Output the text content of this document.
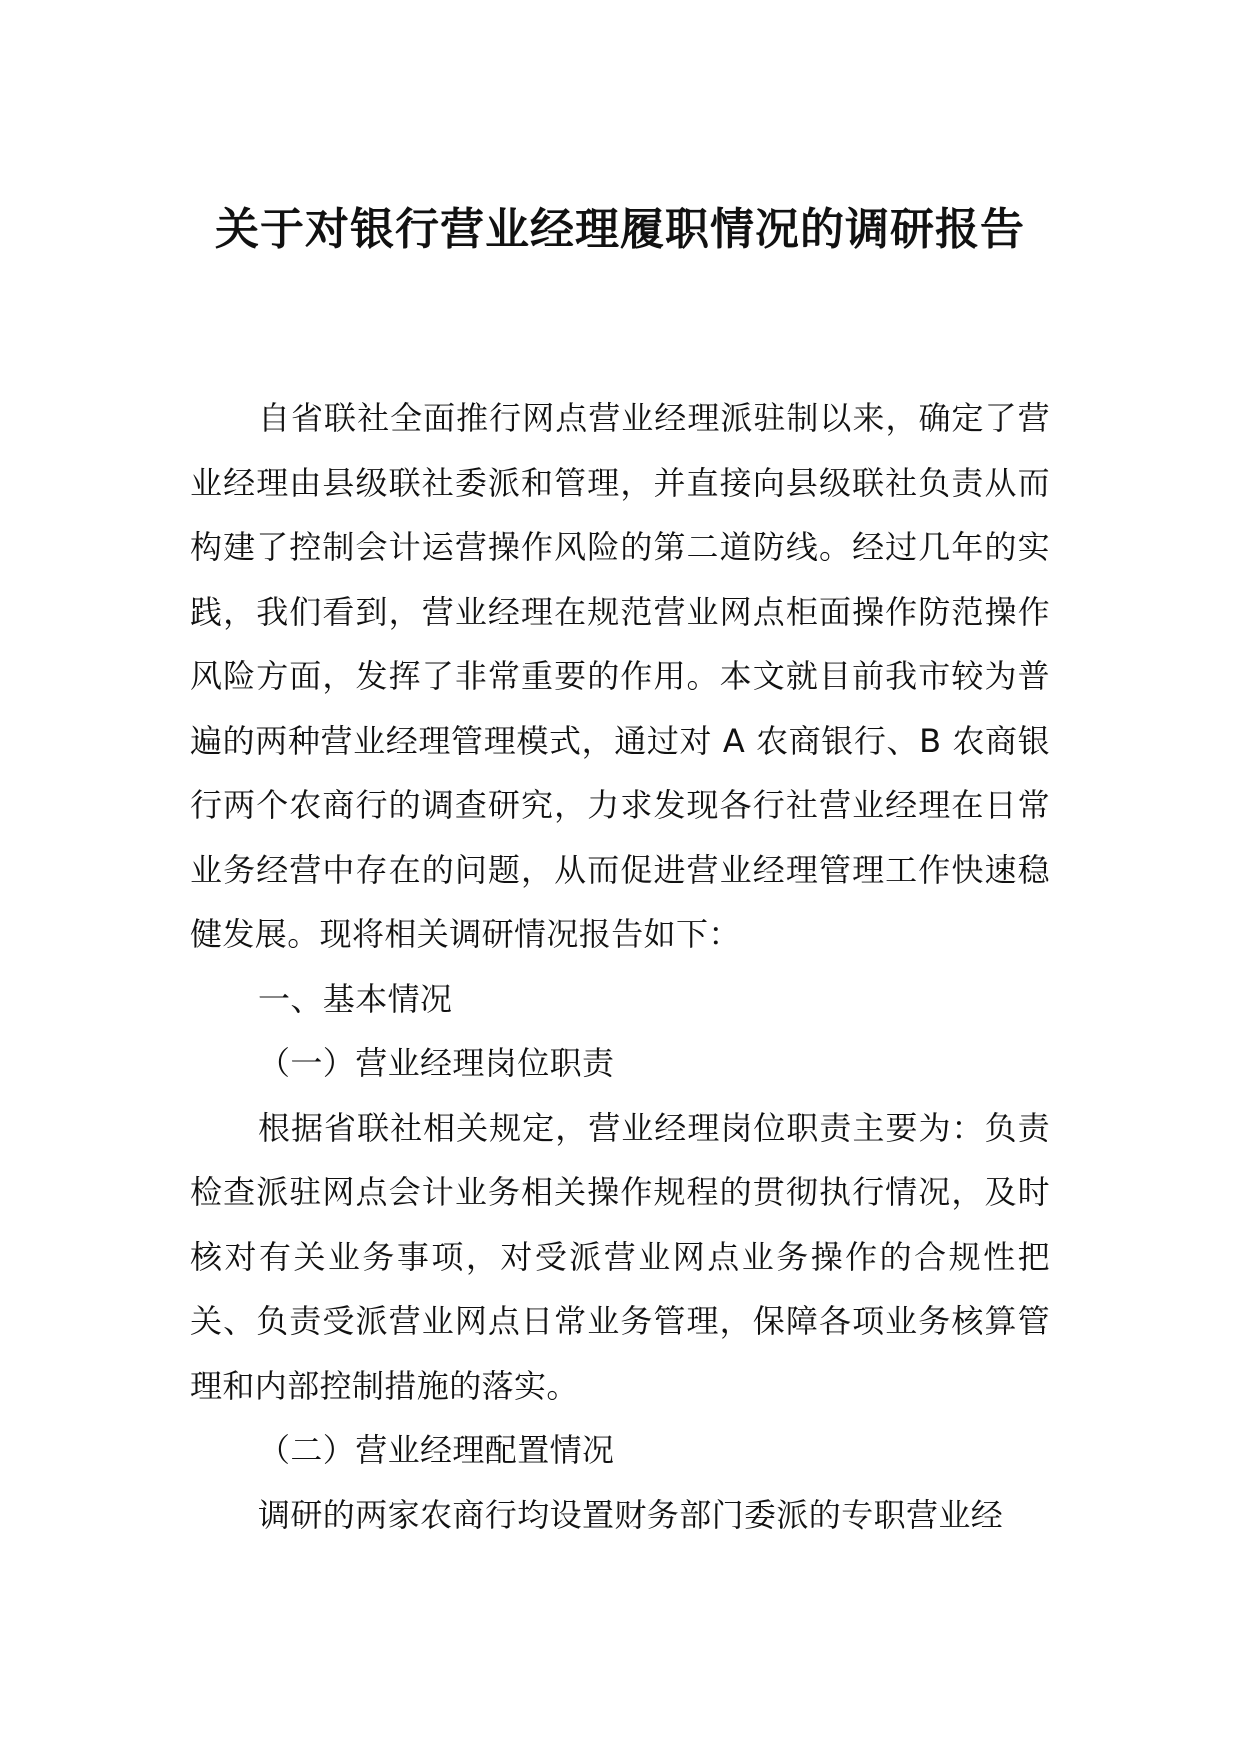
关于对银行营业经理履职情况的调研报告

自省联社全面推行网点营业经理派驻制以来，确定了营业经理由县级联社委派和管理，并直接向县级联社负责从而构建了控制会计运营操作风险的第二道防线。经过几年的实践，我们看到，营业经理在规范营业网点柜面操作防范操作风险方面，发挥了非常重要的作用。本文就目前我市较为普遍的两种营业经理管理模式，通过对 A 农商银行、B 农商银行两个农商行的调查研究，力求发现各行社营业经理在日常业务经营中存在的问题，从而促进营业经理管理工作快速稳健发展。现将相关调研情况报告如下：

一、基本情况

（一）营业经理岗位职责

根据省联社相关规定，营业经理岗位职责主要为：负责检查派驻网点会计业务相关操作规程的贯彻执行情况，及时核对有关业务事项，对受派营业网点业务操作的合规性把关、负责受派营业网点日常业务管理，保障各项业务核算管理和内部控制措施的落实。

（二）营业经理配置情况

调研的两家农商行均设置财务部门委派的专职营业经
